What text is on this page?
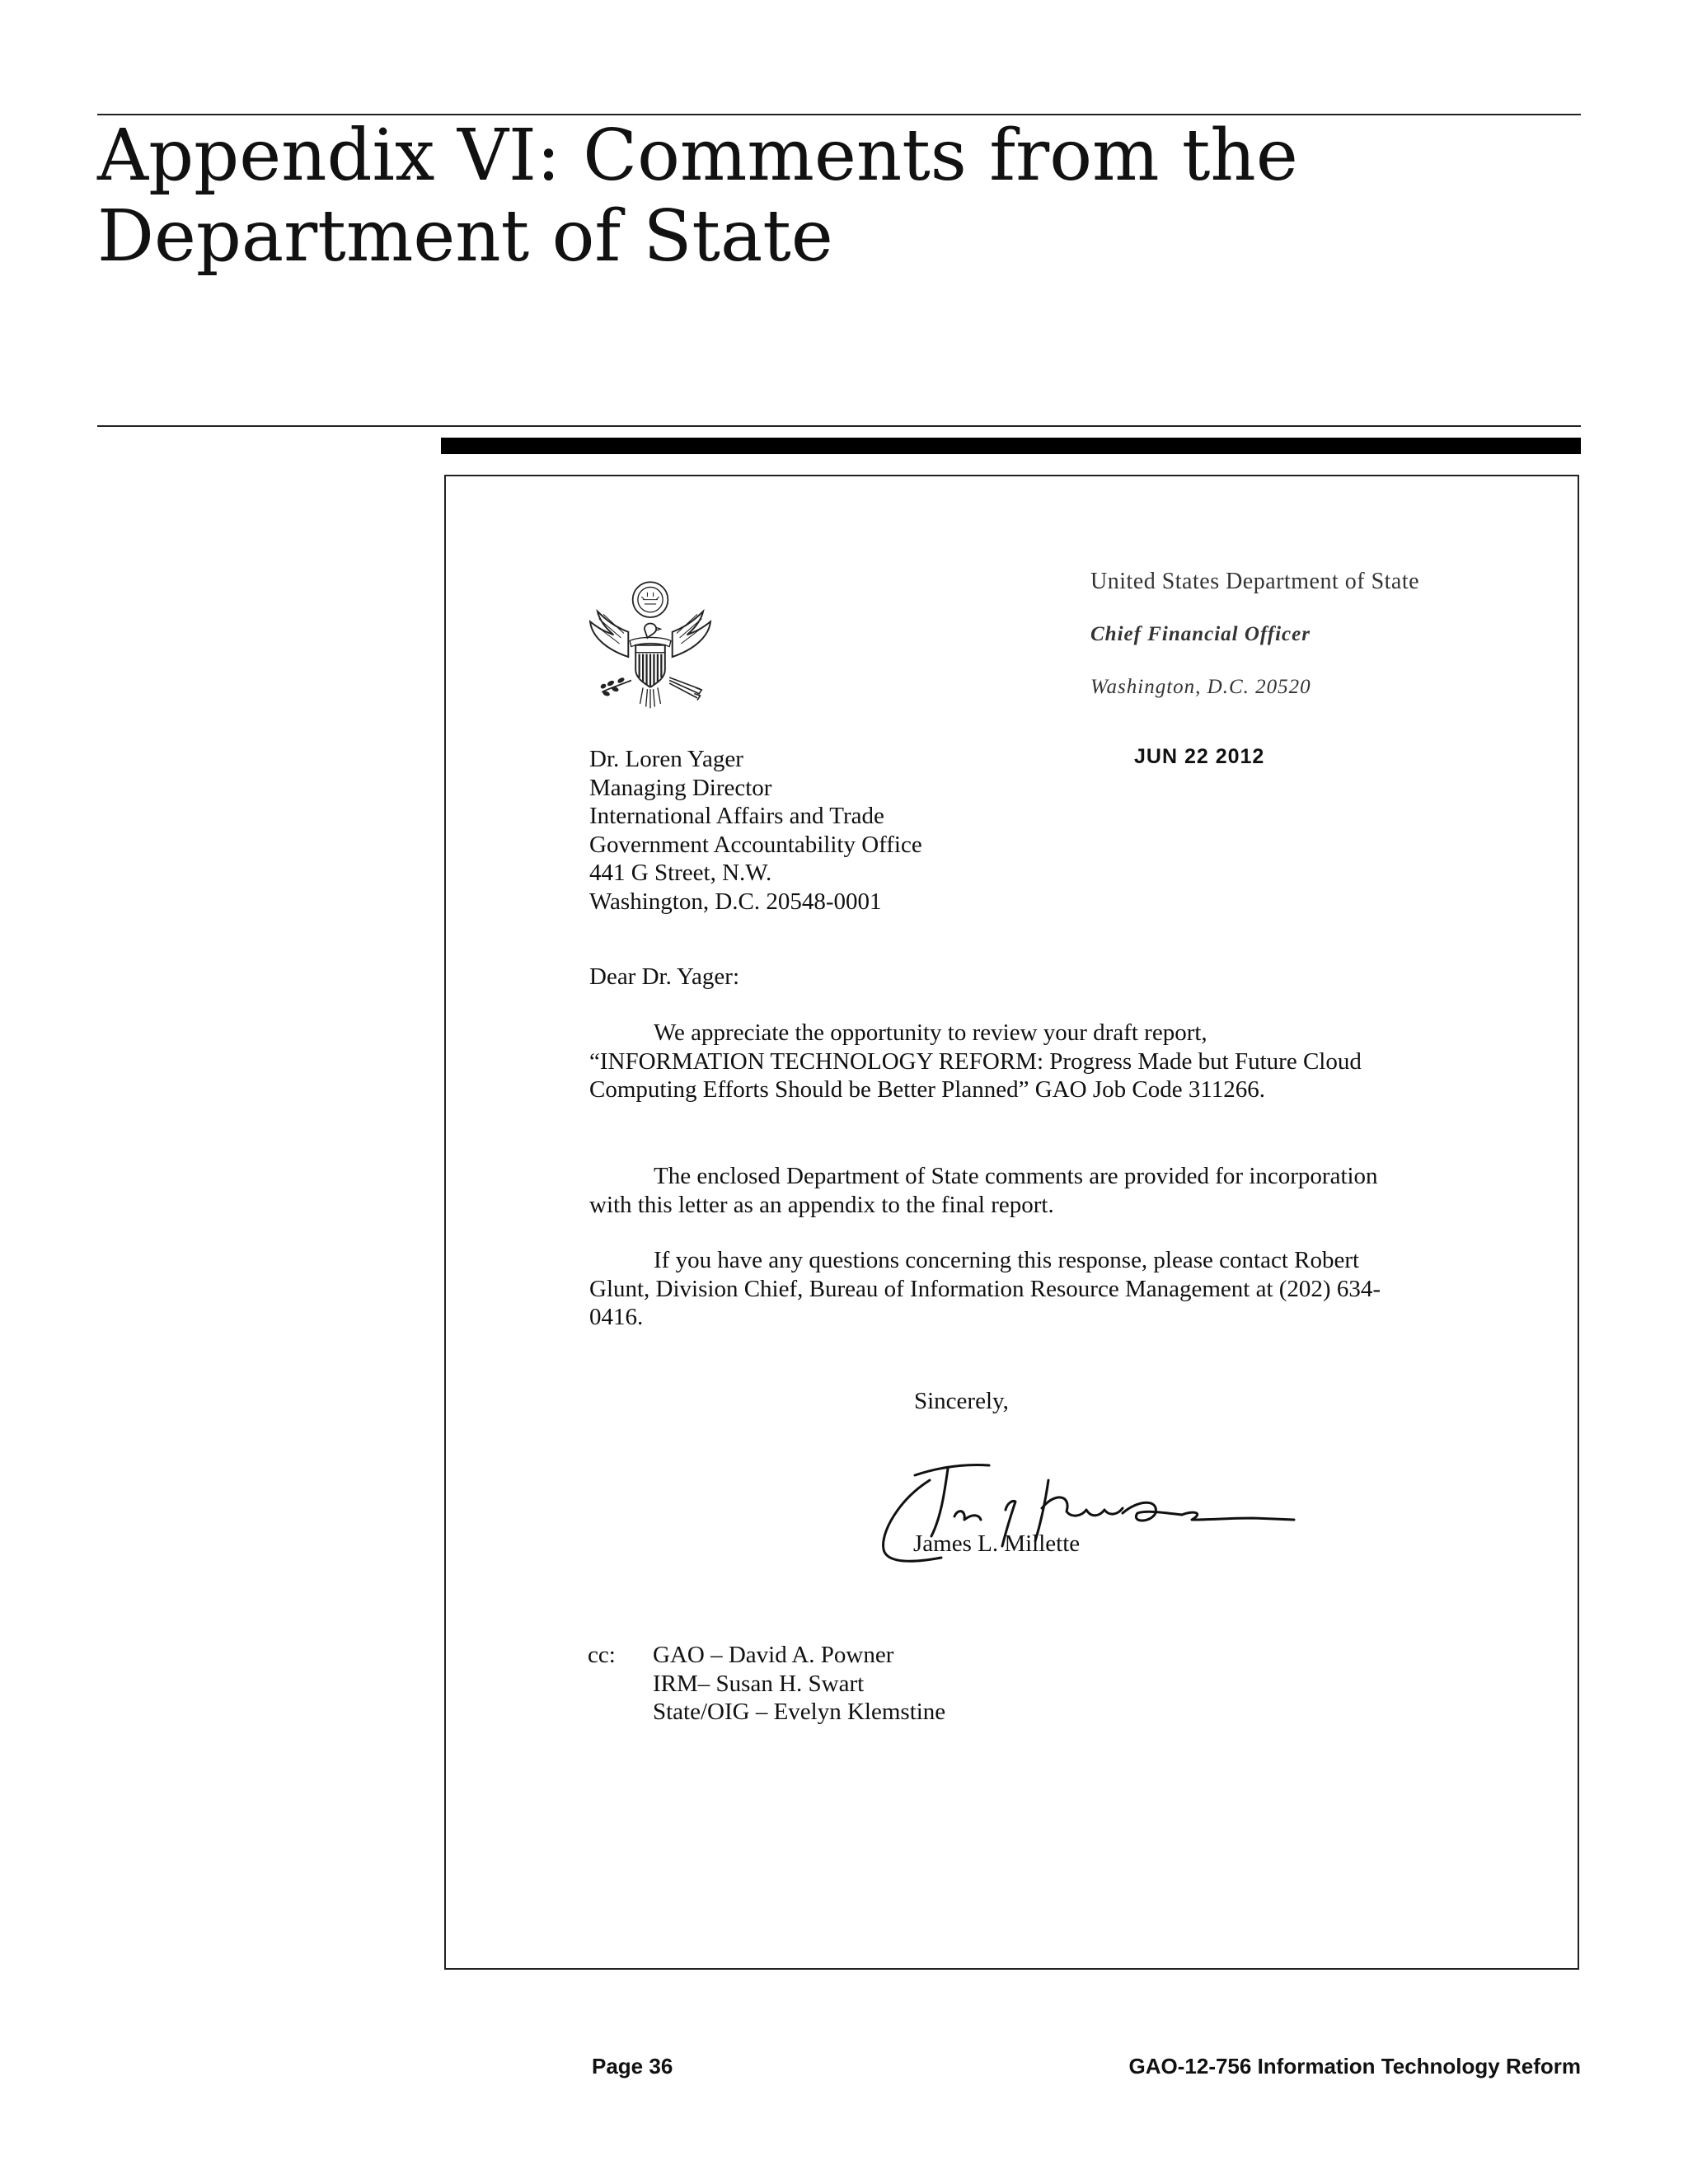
Appendix VI: Comments from the
Department of State
United States Department of State
Chief Financial Officer
Washington, D.C. 20520
JUN 22 2012
Dr. Loren Yager
Managing Director
International Affairs and Trade
Government Accountability Office
441 G Street, N.W.
Washington, D.C. 20548-0001
Dear Dr. Yager:

We appreciate the opportunity to review your draft report, “INFORMATION TECHNOLOGY REFORM: Progress Made but Future Cloud Computing Efforts Should be Better Planned” GAO Job Code 311266.

The enclosed Department of State comments are provided for incorporation with this letter as an appendix to the final report.

If you have any questions concerning this response, please contact Robert Glunt, Division Chief, Bureau of Information Resource Management at (202) 634-0416.

Sincerely,
James L. Millette
cc: GAO – David A. Powner
IRM– Susan H. Swart
State/OIG – Evelyn Klemstine
Page 36	GAO-12-756 Information Technology Reform
